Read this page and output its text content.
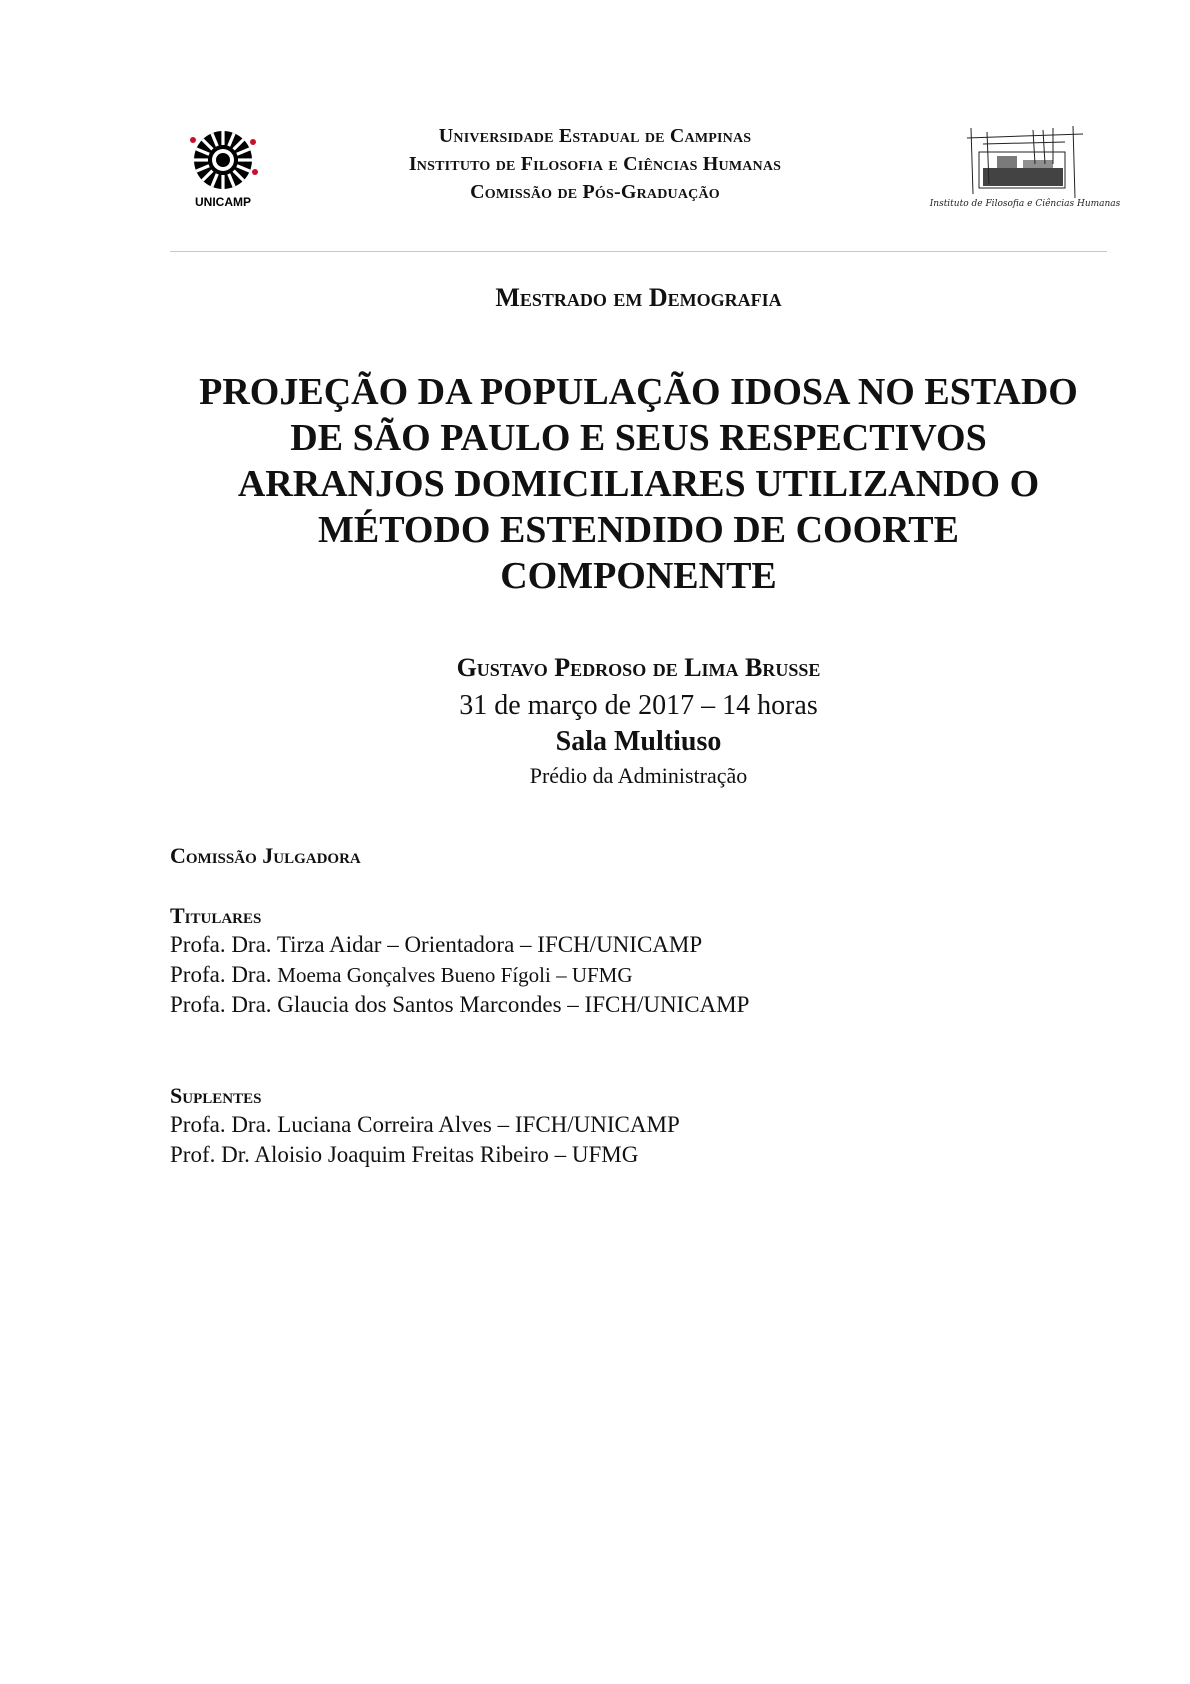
UNICAMP
Universidade Estadual de Campinas
Instituto de Filosofia e Ciências Humanas
Comissão de Pós-Graduação
Instituto de Filosofia e Ciências Humanas
Mestrado em Demografia
PROJEÇÃO DA POPULAÇÃO IDOSA NO ESTADO
DE SÃO PAULO E SEUS RESPECTIVOS
ARRANJOS DOMICILIARES UTILIZANDO O
MÉTODO ESTENDIDO DE COORTE
COMPONENTE
Gustavo Pedroso de Lima Brusse
31 de março de 2017 – 14 horas
Sala Multiuso
Prédio da Administração
Comissão Julgadora
Titulares
Profa. Dra. Tirza Aidar – Orientadora – IFCH/UNICAMP
Profa. Dra. Moema Gonçalves Bueno Fígoli – UFMG
Profa. Dra. Glaucia dos Santos Marcondes – IFCH/UNICAMP
Suplentes
Profa. Dra. Luciana Correira Alves – IFCH/UNICAMP
Prof. Dr. Aloisio Joaquim Freitas Ribeiro – UFMG
